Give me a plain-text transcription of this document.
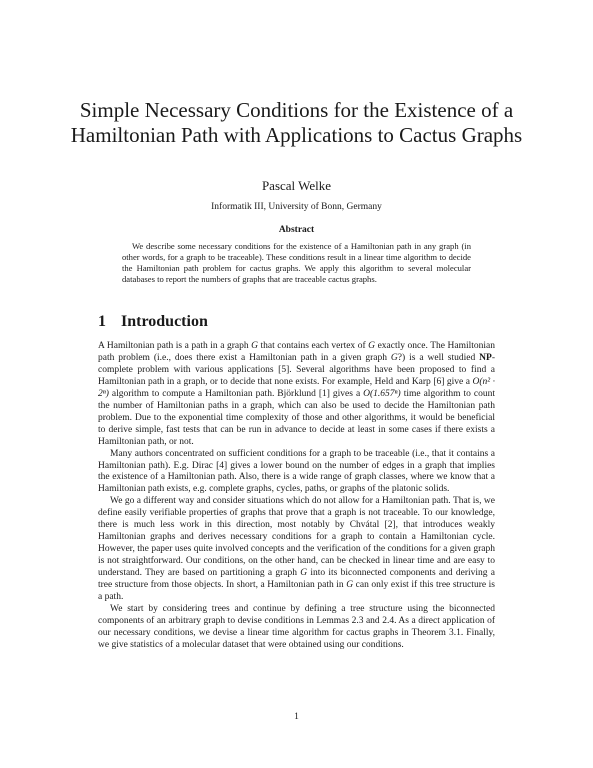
Simple Necessary Conditions for the Existence of a Hamiltonian Path with Applications to Cactus Graphs
Pascal Welke
Informatik III, University of Bonn, Germany
Abstract

We describe some necessary conditions for the existence of a Hamiltonian path in any graph (in other words, for a graph to be traceable). These conditions result in a linear time algorithm to decide the Hamiltonian path problem for cactus graphs. We apply this algorithm to several molecular databases to report the numbers of graphs that are traceable cactus graphs.

1 Introduction

A Hamiltonian path is a path in a graph G that contains each vertex of G exactly once. The Hamiltonian path problem (i.e., does there exist a Hamiltonian path in a given graph G?) is a well studied NP-complete problem with various applications [5]. Several algorithms have been proposed to find a Hamiltonian path in a graph, or to decide that none exists. For example, Held and Karp [6] give a O(n² · 2ⁿ) algorithm to compute a Hamiltonian path. Björklund [1] gives a O(1.657ⁿ) time algorithm to count the number of Hamiltonian paths in a graph, which can also be used to decide the Hamiltonian path problem. Due to the exponential time complexity of those and other algorithms, it would be beneficial to derive simple, fast tests that can be run in advance to decide at least in some cases if there exists a Hamiltonian path, or not.

Many authors concentrated on sufficient conditions for a graph to be traceable (i.e., that it contains a Hamiltonian path). E.g. Dirac [4] gives a lower bound on the number of edges in a graph that implies the existence of a Hamiltonian path. Also, there is a wide range of graph classes, where we know that a Hamiltonian path exists, e.g. complete graphs, cycles, paths, or graphs of the platonic solids.

We go a different way and consider situations which do not allow for a Hamiltonian path. That is, we define easily verifiable properties of graphs that prove that a graph is not traceable. To our knowledge, there is much less work in this direction, most notably by Chvátal [2], that introduces weakly Hamiltonian graphs and derives necessary conditions for a graph to contain a Hamiltonian cycle. However, the paper uses quite involved concepts and the verification of the conditions for a given graph is not straightforward. Our conditions, on the other hand, can be checked in linear time and are easy to understand. They are based on partitioning a graph G into its biconnected components and deriving a tree structure from those objects. In short, a Hamiltonian path in G can only exist if this tree structure is a path.

We start by considering trees and continue by defining a tree structure using the biconnected components of an arbitrary graph to devise conditions in Lemmas 2.3 and 2.4. As a direct application of our necessary conditions, we devise a linear time algorithm for cactus graphs in Theorem 3.1. Finally, we give statistics of a molecular dataset that were obtained using our conditions.

1
